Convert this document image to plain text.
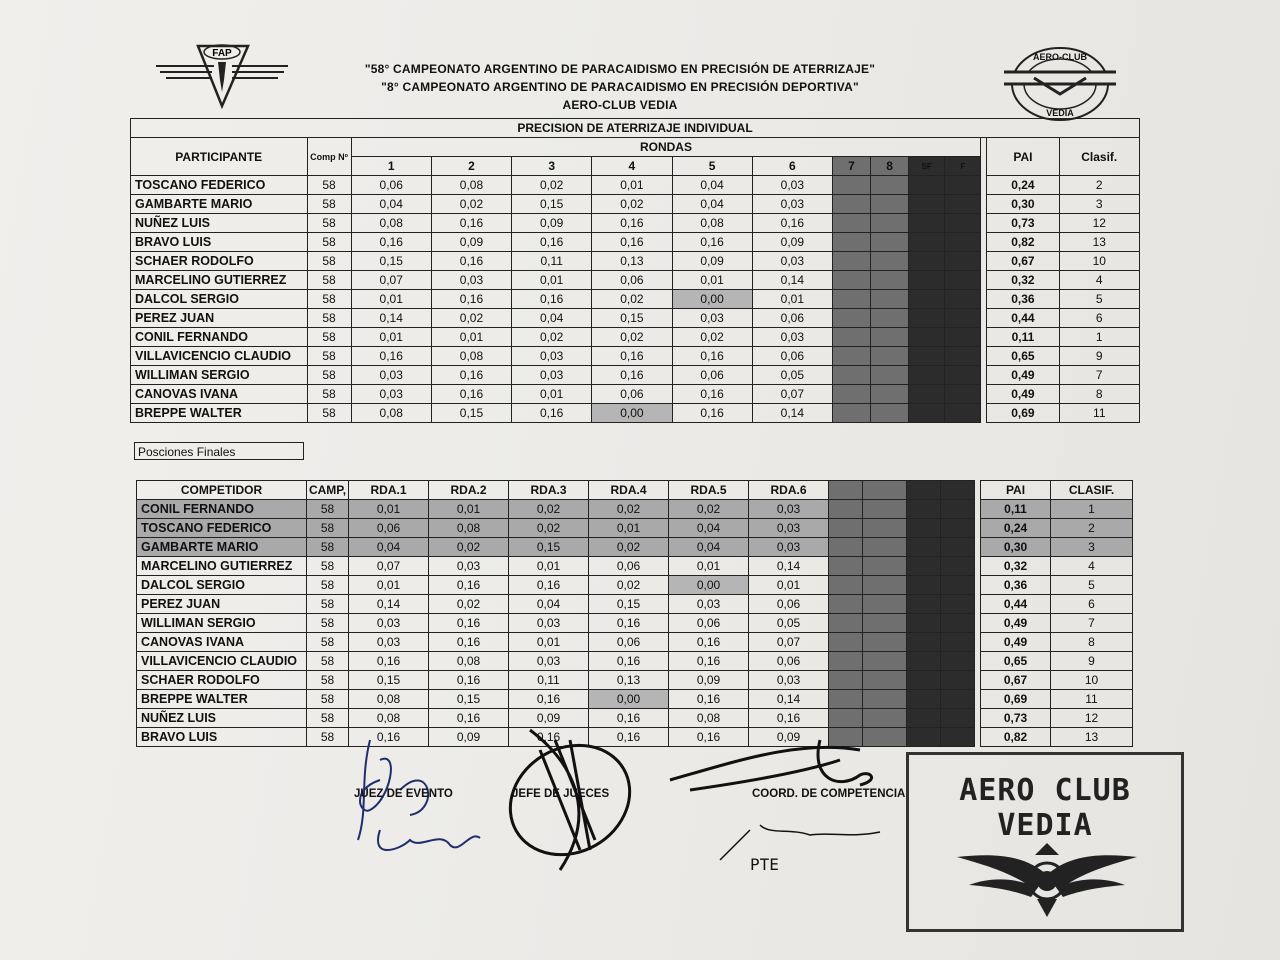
FAP
"58° CAMPEONATO ARGENTINO DE PARACAIDISMO EN PRECISIÓN DE ATERRIZAJE"
"8° CAMPEONATO ARGENTINO DE PARACAIDISMO EN PRECISIÓN DEPORTIVA"
AERO-CLUB VEDIA
AERO-CLUB
VEDIA
PRECISION DE ATERRIZAJE INDIVIDUAL														
PARTICIPANTE	Comp Nº	RONDAS											PAI	Clasif.
		1	2	3	4	5	6	7	8	SF	F			
TOSCANO FEDERICO	58	0,06	0,08	0,02	0,01	0,04	0,03						0,24	2
GAMBARTE MARIO	58	0,04	0,02	0,15	0,02	0,04	0,03						0,30	3
NUÑEZ LUIS	58	0,08	0,16	0,09	0,16	0,08	0,16						0,73	12
BRAVO LUIS	58	0,16	0,09	0,16	0,16	0,16	0,09						0,82	13
SCHAER RODOLFO	58	0,15	0,16	0,11	0,13	0,09	0,03						0,67	10
MARCELINO GUTIERREZ	58	0,07	0,03	0,01	0,06	0,01	0,14						0,32	4
DALCOL SERGIO	58	0,01	0,16	0,16	0,02	0,00	0,01						0,36	5
PEREZ JUAN	58	0,14	0,02	0,04	0,15	0,03	0,06						0,44	6
CONIL FERNANDO	58	0,01	0,01	0,02	0,02	0,02	0,03						0,11	1
VILLAVICENCIO CLAUDIO	58	0,16	0,08	0,03	0,16	0,16	0,06						0,65	9
WILLIMAN SERGIO	58	0,03	0,16	0,03	0,16	0,06	0,05						0,49	7
CANOVAS IVANA	58	0,03	0,16	0,01	0,06	0,16	0,07						0,49	8
BREPPE WALTER	58	0,08	0,15	0,16	0,00	0,16	0,14						0,69	11
Posciones Finales
COMPETIDOR	CAMP,	RDA.1	RDA.2	RDA.3	RDA.4	RDA.5	RDA.6						PAI	CLASIF.
CONIL FERNANDO	58	0,01	0,01	0,02	0,02	0,02	0,03						0,11	1
TOSCANO FEDERICO	58	0,06	0,08	0,02	0,01	0,04	0,03						0,24	2
GAMBARTE MARIO	58	0,04	0,02	0,15	0,02	0,04	0,03						0,30	3
MARCELINO GUTIERREZ	58	0,07	0,03	0,01	0,06	0,01	0,14						0,32	4
DALCOL SERGIO	58	0,01	0,16	0,16	0,02	0,00	0,01						0,36	5
PEREZ JUAN	58	0,14	0,02	0,04	0,15	0,03	0,06						0,44	6
WILLIMAN SERGIO	58	0,03	0,16	0,03	0,16	0,06	0,05						0,49	7
CANOVAS IVANA	58	0,03	0,16	0,01	0,06	0,16	0,07						0,49	8
VILLAVICENCIO CLAUDIO	58	0,16	0,08	0,03	0,16	0,16	0,06						0,65	9
SCHAER RODOLFO	58	0,15	0,16	0,11	0,13	0,09	0,03						0,67	10
BREPPE WALTER	58	0,08	0,15	0,16	0,00	0,16	0,14						0,69	11
NUÑEZ LUIS	58	0,08	0,16	0,09	0,16	0,08	0,16						0,73	12
BRAVO LUIS	58	0,16	0,09	0,16	0,16	0,16	0,09						0,82	13
PTE
JUEZ DE EVENTO	JEFE DE JUECES	COORD. DE COMPETENCIA	AERO CLUB VEDIA
